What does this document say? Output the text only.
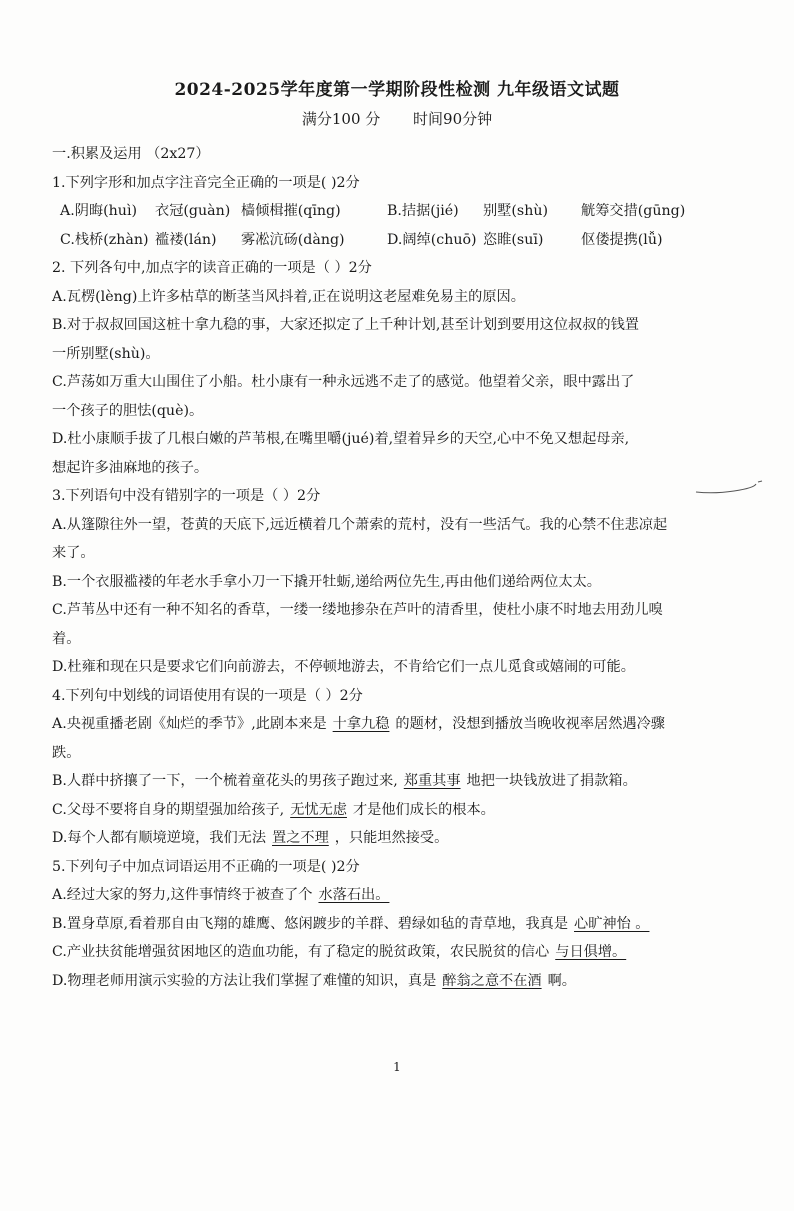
2024-2025学年度第一学期阶段性检测 九年级语文试题
满分100 分 时间90分钟
一.积累及运用 （2x27）
1.下列字形和加点字注音完全正确的一项是( )2分
A.阴晦(huì)	衣冠(guàn) 樯倾楫摧(qīng)	B.拮据(jié)	别墅(shù)	觥筹交措(gūng)
C.栈桥(zhàn) 褴褛(lán)	雾凇沆砀(dàng)	D.阔绰(chuō) 恣睢(suī)	伛偻提携(lǚ)
2. 下列各句中,加点字的读音正确的一项是（ ）2分
A.瓦楞(lèng)上许多枯草的断茎当风抖着,正在说明这老屋难免易主的原因。
B.对于叔叔回国这桩十拿九稳的事，大家还拟定了上千种计划,甚至计划到要用这位叔叔的钱置
一所别墅(shù)。
C.芦荡如万重大山围住了小船。杜小康有一种永远逃不走了的感觉。他望着父亲，眼中露出了
一个孩子的胆怯(què)。
D.杜小康顺手拔了几根白嫩的芦苇根,在嘴里嚼(jué)着,望着异乡的天空,心中不免又想起母亲,
想起许多油麻地的孩子。
3.下列语句中没有错别字的一项是（ ）2分
A.从篷隙往外一望，苍黄的天底下,远近横着几个萧索的荒村，没有一些活气。我的心禁不住悲凉起
来了。
B.一个衣服褴褛的年老水手拿小刀一下撬开牡蛎,递给两位先生,再由他们递给两位太太。
C.芦苇丛中还有一种不知名的香草，一缕一缕地掺杂在芦叶的清香里，使杜小康不时地去用劲儿嗅
着。
D.杜雍和现在只是要求它们向前游去，不停顿地游去，不肯给它们一点儿觅食或嬉闹的可能。
4.下列句中划线的词语使用有误的一项是（ ）2分
A.央视重播老剧《灿烂的季节》,此剧本来是 十拿九稳 的题材，没想到播放当晚收视率居然遇冷骤
跌。
B.人群中挤攘了一下，一个梳着童花头的男孩子跑过来, 郑重其事 地把一块钱放进了捐款箱。
C.父母不要将自身的期望强加给孩子, 无忧无虑 才是他们成长的根本。
D.每个人都有顺境逆境，我们无法 置之不理 ，只能坦然接受。
5.下列句子中加点词语运用不正确的一项是( )2分
A.经过大家的努力,这件事情终于被查了个 水落石出。
B.置身草原,看着那自由飞翔的雄鹰、悠闲踱步的羊群、碧绿如毡的青草地，我真是 心旷神怡 。
C.产业扶贫能增强贫困地区的造血功能，有了稳定的脱贫政策，农民脱贫的信心 与日俱增。
D.物理老师用演示实验的方法让我们掌握了难懂的知识，真是 醉翁之意不在酒 啊。
1
